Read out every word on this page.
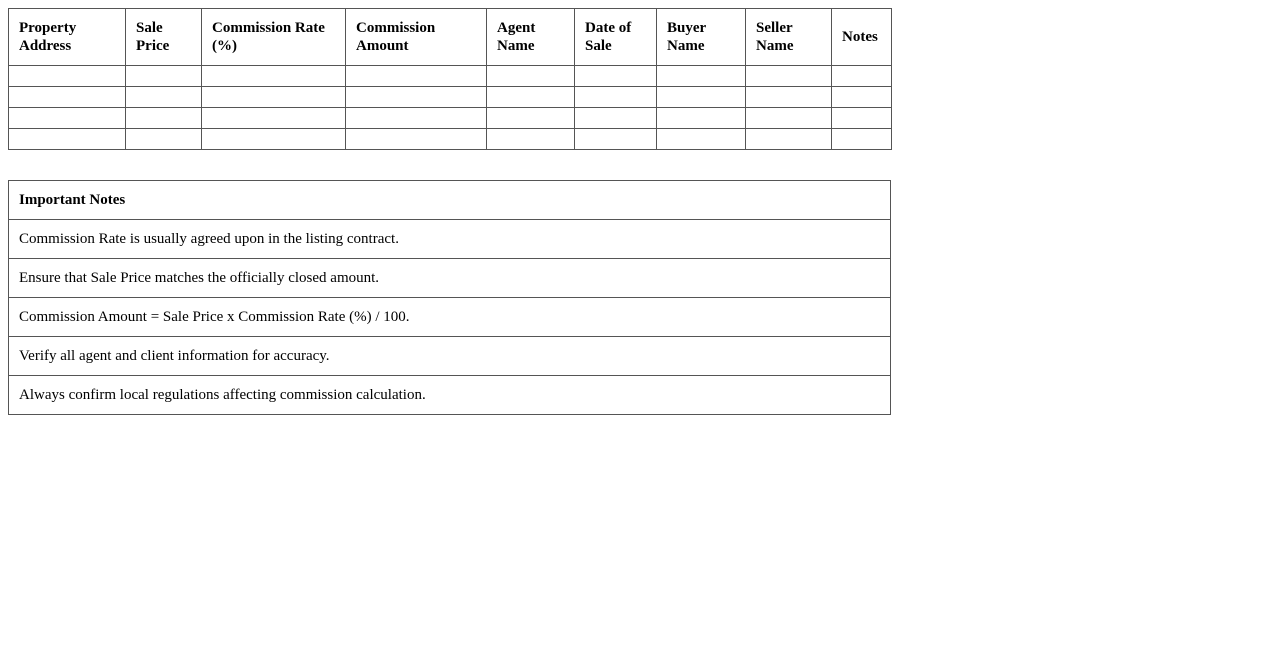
Property Address	Sale Price	Commission Rate (%)	Commission Amount	Agent Name	Date of Sale	Buyer Name	Seller Name	Notes

Important Notes
Commission Rate is usually agreed upon in the listing contract.
Ensure that Sale Price matches the officially closed amount.
Commission Amount = Sale Price x Commission Rate (%) / 100.
Verify all agent and client information for accuracy.
Always confirm local regulations affecting commission calculation.
